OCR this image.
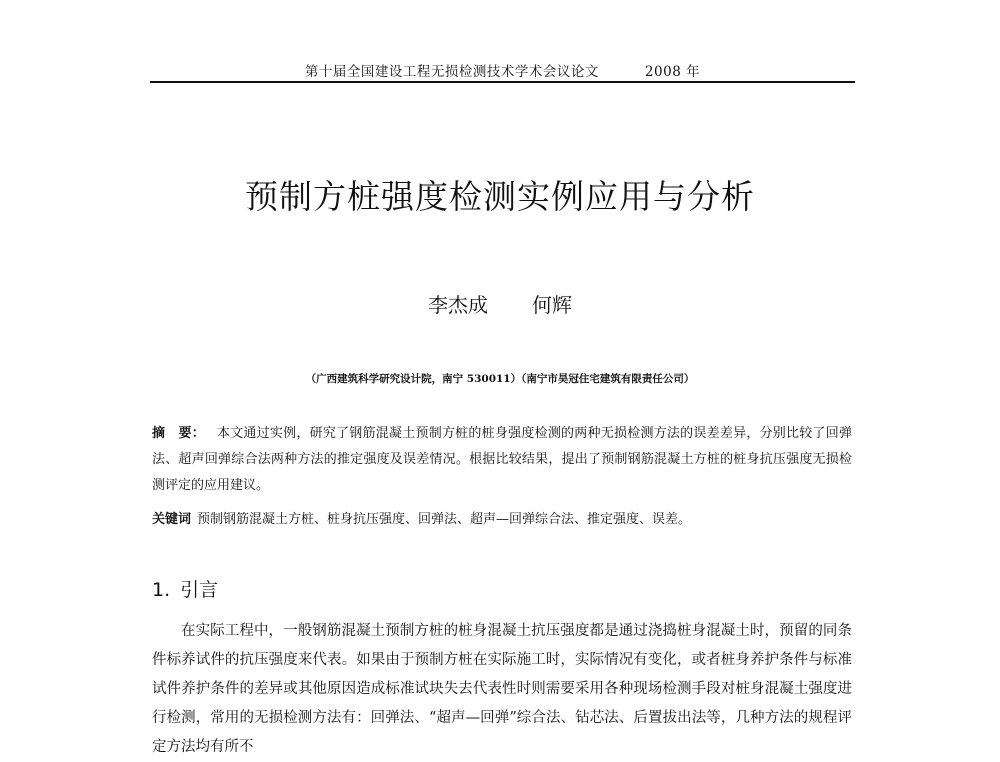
第十届全国建设工程无损检测技术学术会议论文	2008 年
预制方桩强度检测实例应用与分析
李杰成 何辉
（广西建筑科学研究设计院，南宁 530011）（南宁市昊冠住宅建筑有限责任公司）

摘　要： 本文通过实例，研究了钢筋混凝土预制方桩的桩身强度检测的两种无损检测方法的误差差异，分别比较了回弹法、超声回弹综合法两种方法的推定强度及误差情况。根据比较结果，提出了预制钢筋混凝土方桩的桩身抗压强度无损检测评定的应用建议。

关键词 预制钢筋混凝土方桩、桩身抗压强度、回弹法、超声—回弹综合法、推定强度、误差。

1. 引言

在实际工程中，一般钢筋混凝土预制方桩的桩身混凝土抗压强度都是通过浇捣桩身混凝土时，预留的同条件标养试件的抗压强度来代表。如果由于预制方桩在实际施工时，实际情况有变化，或者桩身养护条件与标准试件养护条件的差异或其他原因造成标准试块失去代表性时则需要采用各种现场检测手段对桩身混凝土强度进行检测，常用的无损检测方法有：回弹法、“超声—回弹”综合法、钻芯法、后置拔出法等，几种方法的规程评定方法均有所不
